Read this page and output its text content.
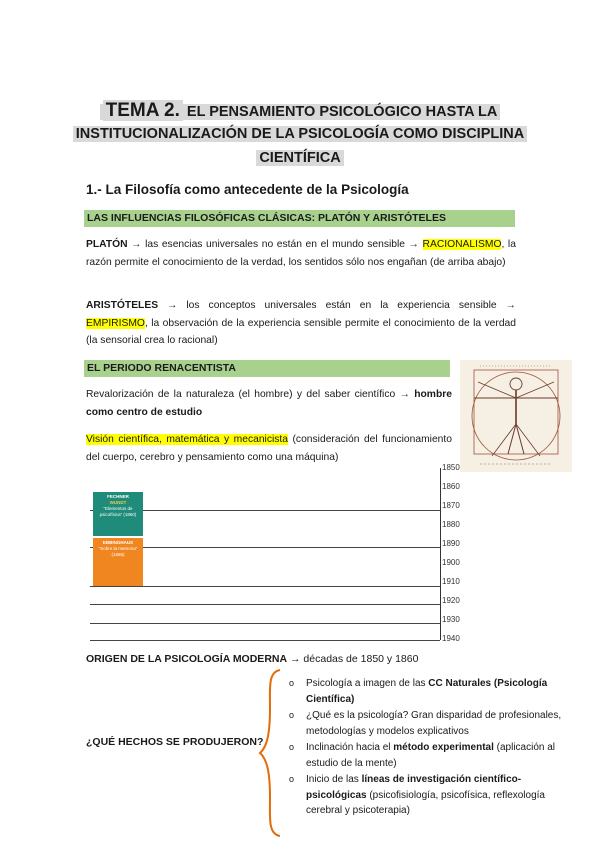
TEMA 2. EL PENSAMIENTO PSICOLÓGICO HASTA LA
INSTITUCIONALIZACIÓN DE LA PSICOLOGÍA COMO DISCIPLINA
CIENTÍFICA
1.- La Filosofía como antecedente de la Psicología
LAS INFLUENCIAS FILOSÓFICAS CLÁSICAS: PLATÓN Y ARISTÓTELES
PLATÓN → las esencias universales no están en el mundo sensible → RACIONALISMO, la razón permite el conocimiento de la verdad, los sentidos sólo nos engañan (de arriba abajo)
ARISTÓTELES → los conceptos universales están en la experiencia sensible → EMPIRISMO, la observación de la experiencia sensible permite el conocimiento de la verdad (la sensorial crea lo racional)
EL PERIODO RENACENTISTA
Revalorización de la naturaleza (el hombre) y del saber científico → hombre como centro de estudio
Visión científica, matemática y mecanicista (consideración del funcionamiento del cuerpo, cerebro y pensamiento como una máquina)
1850
1860
1870
1880
1890
1900
1910
1920
1930
1940
FECHNER
WUNDT
"Elementos de psicofísica" (1860)
EBBINGHAUS
"Sobre la memoria" (1885)
ORIGEN DE LA PSICOLOGÍA MODERNA → décadas de 1850 y 1860
¿QUÉ HECHOS SE PRODUJERON?
o Psicología a imagen de las CC Naturales (Psicología Científica)
o ¿Qué es la psicología? Gran disparidad de profesionales, metodologías y modelos explicativos
o Inclinación hacia el método experimental (aplicación al estudio de la mente)
o Inicio de las líneas de investigación científico-psicológicas (psicofisiología, psicofísica, reflexología cerebral y psicoterapia)
